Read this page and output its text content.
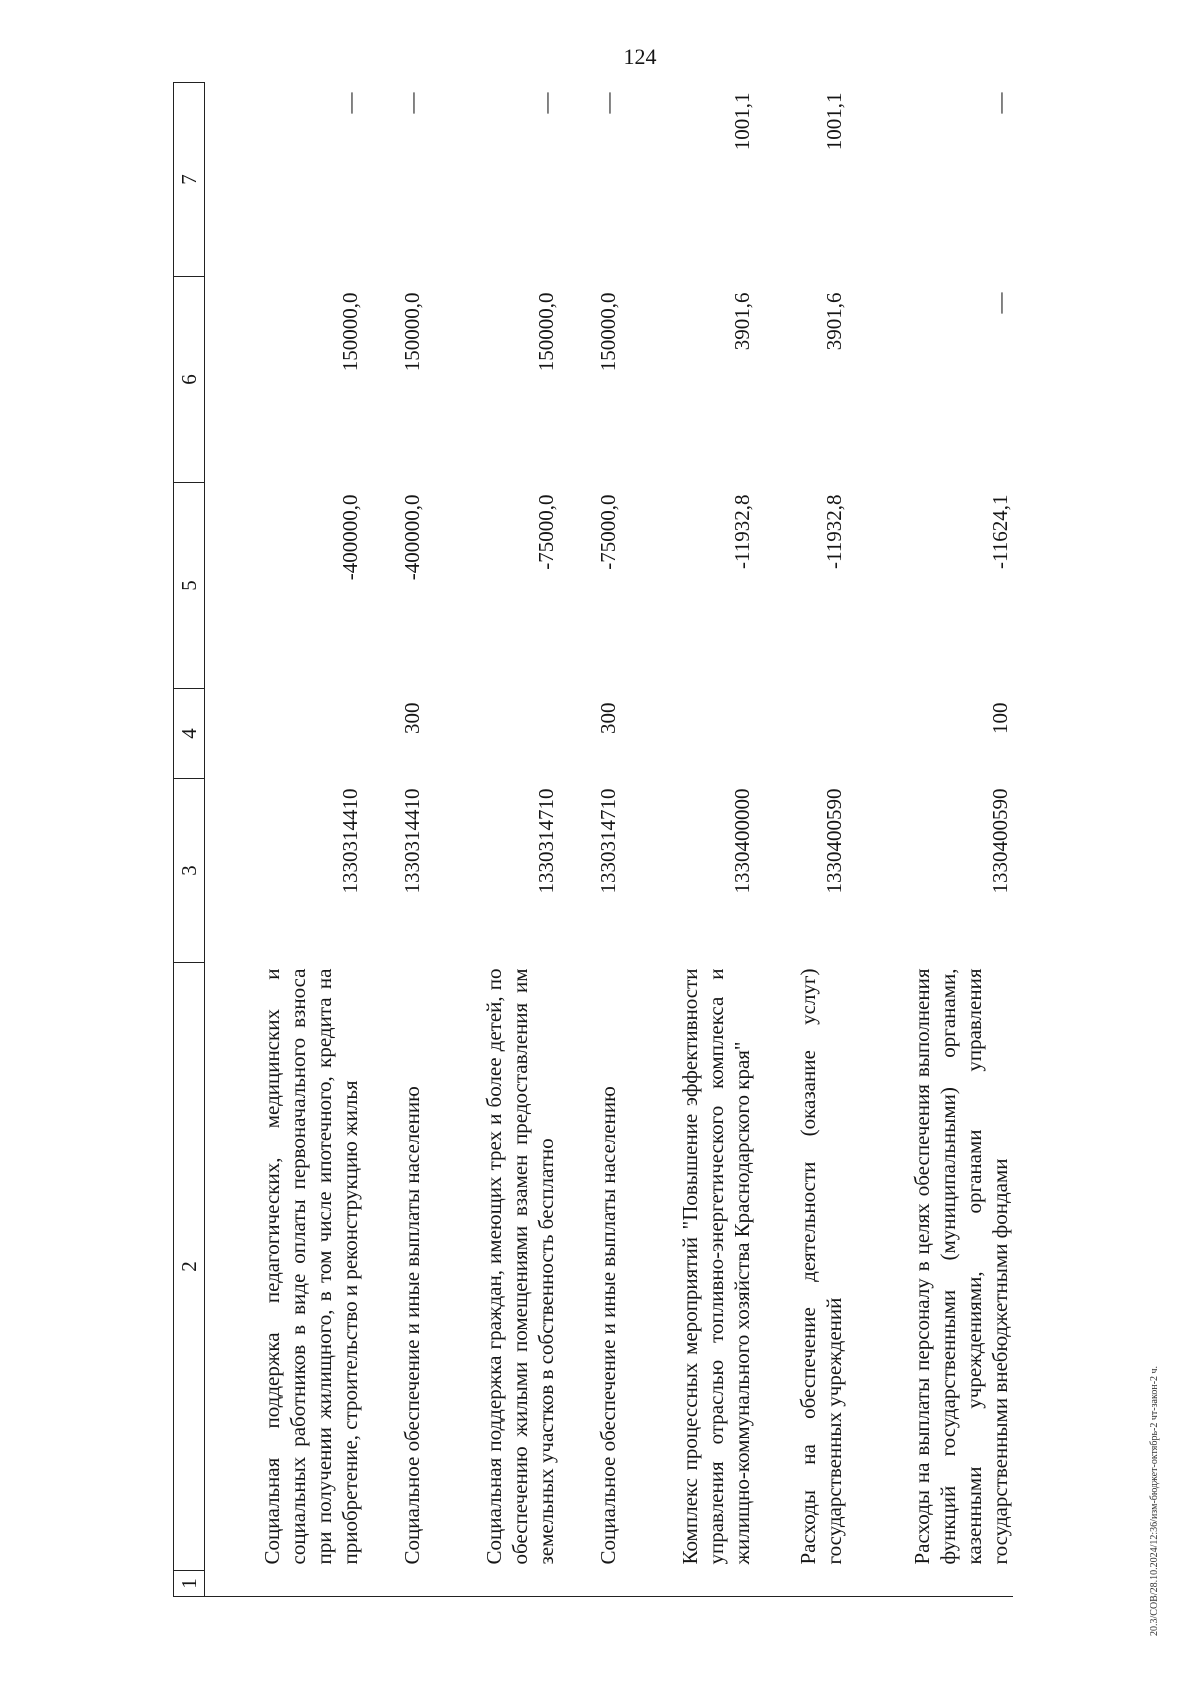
124
1	2	3	4	5	6	7
	Социальная поддержка педагогических, медицинских и социальных работников в виде оплаты первоначального взноса при получении жилищного, в том числе ипотечного, кредита на приобретение, строительство и реконструкцию жилья	1330314410		-400000,0	150000,0	—
	Социальное обеспечение и иные выплаты населению	1330314410	300	-400000,0	150000,0	—
	Социальная поддержка граждан, имеющих трех и более детей, по обеспечению жилыми помещениями взамен предоставления им земельных участков в собственность бесплатно	1330314710		-75000,0	150000,0	—
	Социальное обеспечение и иные выплаты населению	1330314710	300	-75000,0	150000,0	—
	Комплекс процессных мероприятий "Повышение эффективности управления отраслью топливно-энергетического комплекса и жилищно-коммунального хозяйства Краснодарского края"	1330400000		-11932,8	3901,6	1001,1
	Расходы на обеспечение деятельности (оказание услуг) государственных учреждений	1330400590		-11932,8	3901,6	1001,1
	Расходы на выплаты персоналу в целях обеспечения выполнения функций государственными (муниципальными) органами, казенными учреждениями, органами управления государственными внебюджетными фондами	1330400590	100	-11624,1	—	—
20.3/СОВ/28.10.2024/12:36/изм-бюджет-октябрь-2 чт-закон-2 ч.
